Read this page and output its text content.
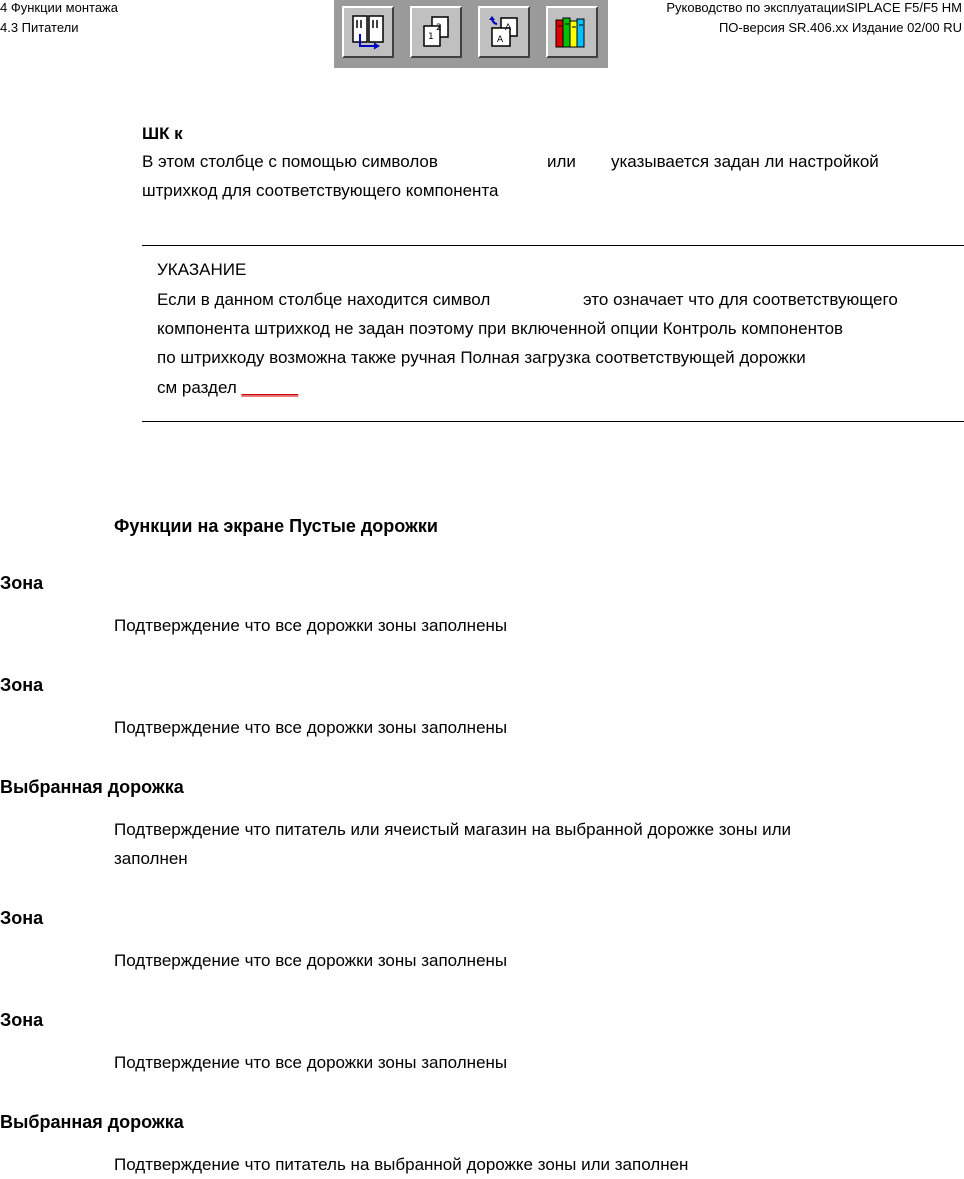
4 Функции монтажа
4.3 Питатели
Руководство по эксплуатацииSIPLACE F5/F5 HM
ПО-версия SR.406.xx Издание 02/00 RU
2
1
A
A
ШК к
В этом столбце с помощью символов	или указывается задан ли настройкой
штрихкод для соответствующего компонента
УКАЗАНИЕ
Если в данном столбце находится символ	это означает что для соответствующего
компонента штрихкод не задан поэтому при включенной опции Контроль компонентов
по штрихкоду возможна также ручная Полная загрузка соответствующей дорожки
см раздел ______
Функции на экране Пустые дорожки
Зона
Подтверждение что все дорожки зоны заполнены
Зона
Подтверждение что все дорожки зоны заполнены
Выбранная дорожка
Подтверждение что питатель или ячеистый магазин на выбранной дорожке зоны или
заполнен
Зона
Подтверждение что все дорожки зоны заполнены
Зона
Подтверждение что все дорожки зоны заполнены
Выбранная дорожка
Подтверждение что питатель на выбранной дорожке зоны или заполнен
